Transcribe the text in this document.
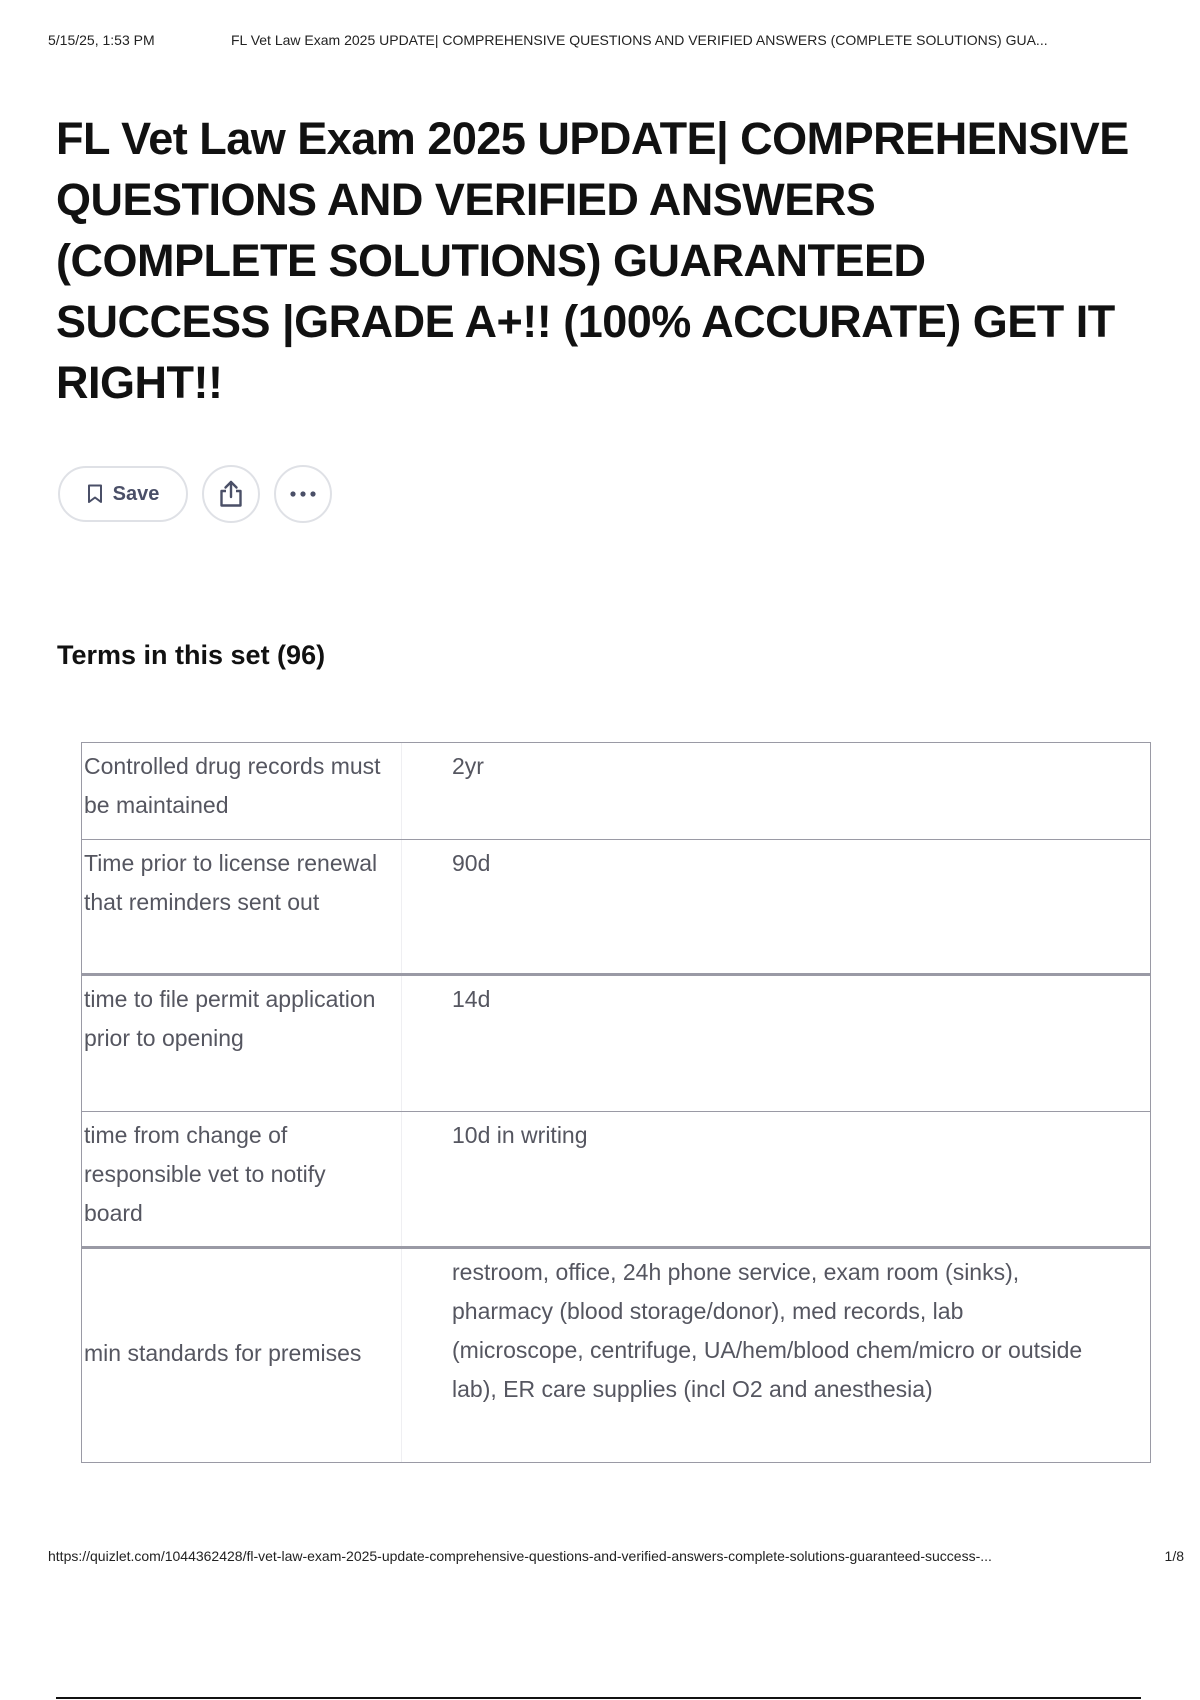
5/15/25, 1:53 PM	FL Vet Law Exam 2025 UPDATE| COMPREHENSIVE QUESTIONS AND VERIFIED ANSWERS (COMPLETE SOLUTIONS) GUA...
FL Vet Law Exam 2025 UPDATE| COMPREHENSIVE QUESTIONS AND VERIFIED ANSWERS (COMPLETE SOLUTIONS) GUARANTEED SUCCESS |GRADE A+!! (100% ACCURATE) GET IT RIGHT!!
Save
Terms in this set (96)
Controlled drug records must be maintained
2yr
Time prior to license renewal that reminders sent out
90d
time to file permit application prior to opening
14d
time from change of responsible vet to notify board
10d in writing
min standards for premises
restroom, office, 24h phone service, exam room (sinks), pharmacy (blood storage/donor), med records, lab (microscope, centrifuge, UA/hem/blood chem/micro or outside lab), ER care supplies (incl O2 and anesthesia)
https://quizlet.com/1044362428/fl-vet-law-exam-2025-update-comprehensive-questions-and-verified-answers-complete-solutions-guaranteed-success-...	1/8
